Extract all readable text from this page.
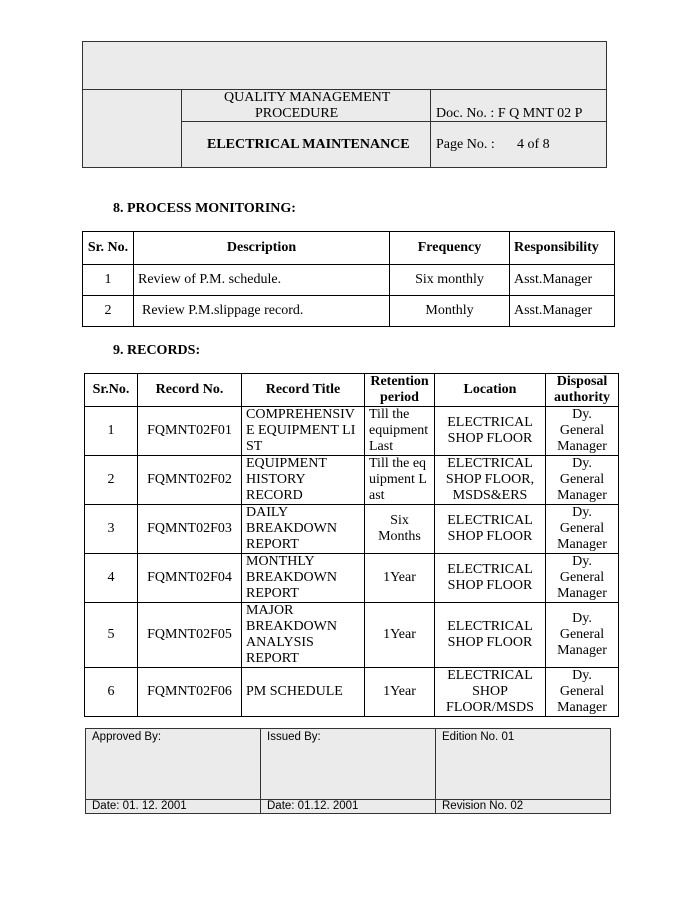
QUALITY MANAGEMENT
PROCEDURE	Doc. No. : F Q MNT 02 P
ELECTRICAL MAINTENANCE Page No. : 4 of 8
8. PROCESS MONITORING:
Sr. No.	Description	Frequency	Responsibility
1	Review of P.M. schedule.	Six monthly	Asst.Manager
2	Review P.M.slippage record.	Monthly	Asst.Manager
9. RECORDS:
Sr.No.	Record No.	Record Title	Retention period	Location	Disposal authority
1	FQMNT02F01	COMPREHENSIVE EQUIPMENT LIST	Till the equipment Last	ELECTRICAL SHOP FLOOR	Dy. General Manager
2	FQMNT02F02	EQUIPMENT HISTORY RECORD	Till the equipment Last	ELECTRICAL SHOP FLOOR, MSDS&ERS	Dy. General Manager
3	FQMNT02F03	DAILY BREAKDOWN REPORT	Six Months	ELECTRICAL SHOP FLOOR	Dy. General Manager
4	FQMNT02F04	MONTHLY BREAKDOWN REPORT	1Year	ELECTRICAL SHOP FLOOR	Dy. General Manager
5	FQMNT02F05	MAJOR BREAKDOWN ANALYSIS REPORT	1Year	ELECTRICAL SHOP FLOOR	Dy. General Manager
6	FQMNT02F06	PM SCHEDULE	1Year	ELECTRICAL SHOP FLOOR/MSDS	Dy. General Manager
Approved By:	Issued By:	Edition No. 01
Date: 01. 12. 2001	Date: 01.12. 2001	Revision No. 02
